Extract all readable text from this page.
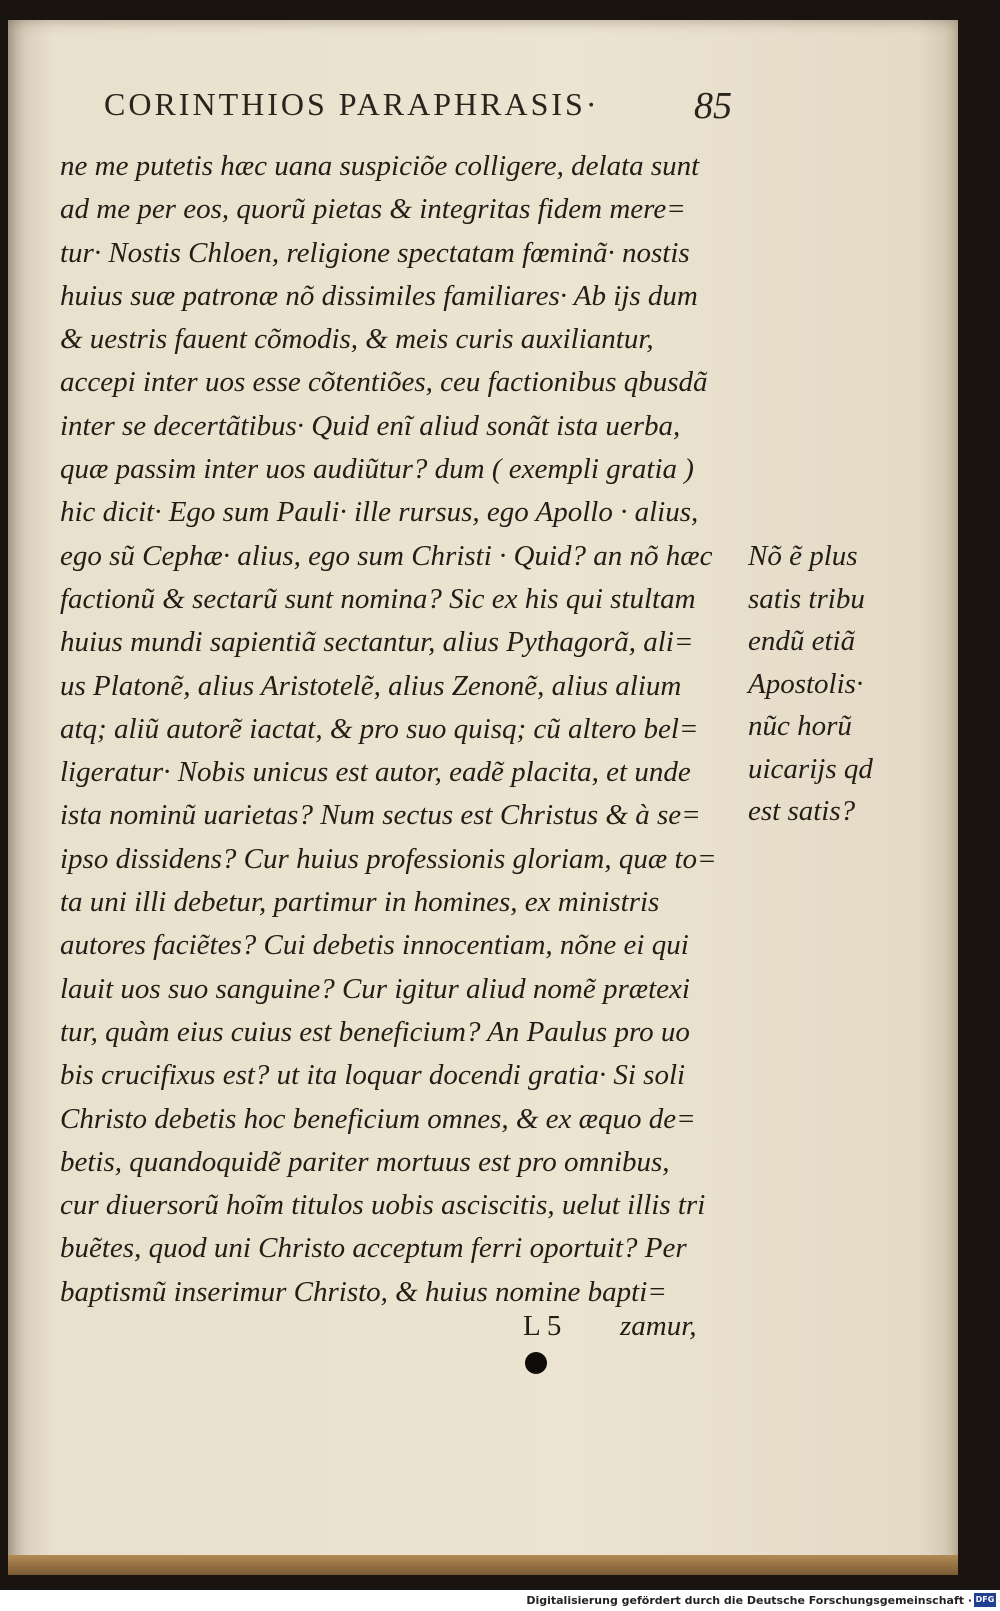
CORINTHIOS PARAPHRASIS·	85
ne me putetis hæc uana suspiciõe colligere, delata sunt
ad me per eos, quorũ pietas & integritas fidem mere=
tur· Nostis Chloen, religione spectatam fœminã· nostis
huius suæ patronæ nõ dissimiles familiares· Ab ijs dum
& uestris fauent cõmodis, & meis curis auxiliantur,
accepi inter uos esse cõtentiões, ceu factionibus qbusdã
inter se decertãtibus· Quid enĩ aliud sonãt ista uerba,
quæ passim inter uos audiũtur? dum ( exempli gratia )
hic dicit· Ego sum Pauli· ille rursus, ego Apollo · alius,
ego sũ Cephæ· alius, ego sum Christi · Quid? an nõ hæc
factionũ & sectarũ sunt nomina? Sic ex his qui stultam
huius mundi sapientiã sectantur, alius Pythagorã, ali=
us Platonẽ, alius Aristotelẽ, alius Zenonẽ, alius alium
atq; aliũ autorẽ iactat, & pro suo quisq; cũ altero bel=
ligeratur· Nobis unicus est autor, eadẽ placita, et unde
ista nominũ uarietas? Num sectus est Christus & à se=
ipso dissidens? Cur huius professionis gloriam, quæ to=
ta uni illi debetur, partimur in homines, ex ministris
autores faciẽtes? Cui debetis innocentiam, nõne ei qui
lauit uos suo sanguine? Cur igitur aliud nomẽ prætexi
tur, quàm eius cuius est beneficium? An Paulus pro uo
bis crucifixus est? ut ita loquar docendi gratia· Si soli
Christo debetis hoc beneficium omnes, & ex æquo de=
betis, quandoquidẽ pariter mortuus est pro omnibus,
cur diuersorũ hoĩm titulos uobis asciscitis, uelut illis tri
buẽtes, quod uni Christo acceptum ferri oportuit? Per
baptismũ inserimur Christo, & huius nomine bapti=
Nõ ẽ plus
satis tribu
endũ etiã
Apostolis·
nũc horũ
uicarijs qd
est satis?
L 5 zamur,
Digitalisierung gefördert durch die Deutsche Forschungsgemeinschaft · DFG
